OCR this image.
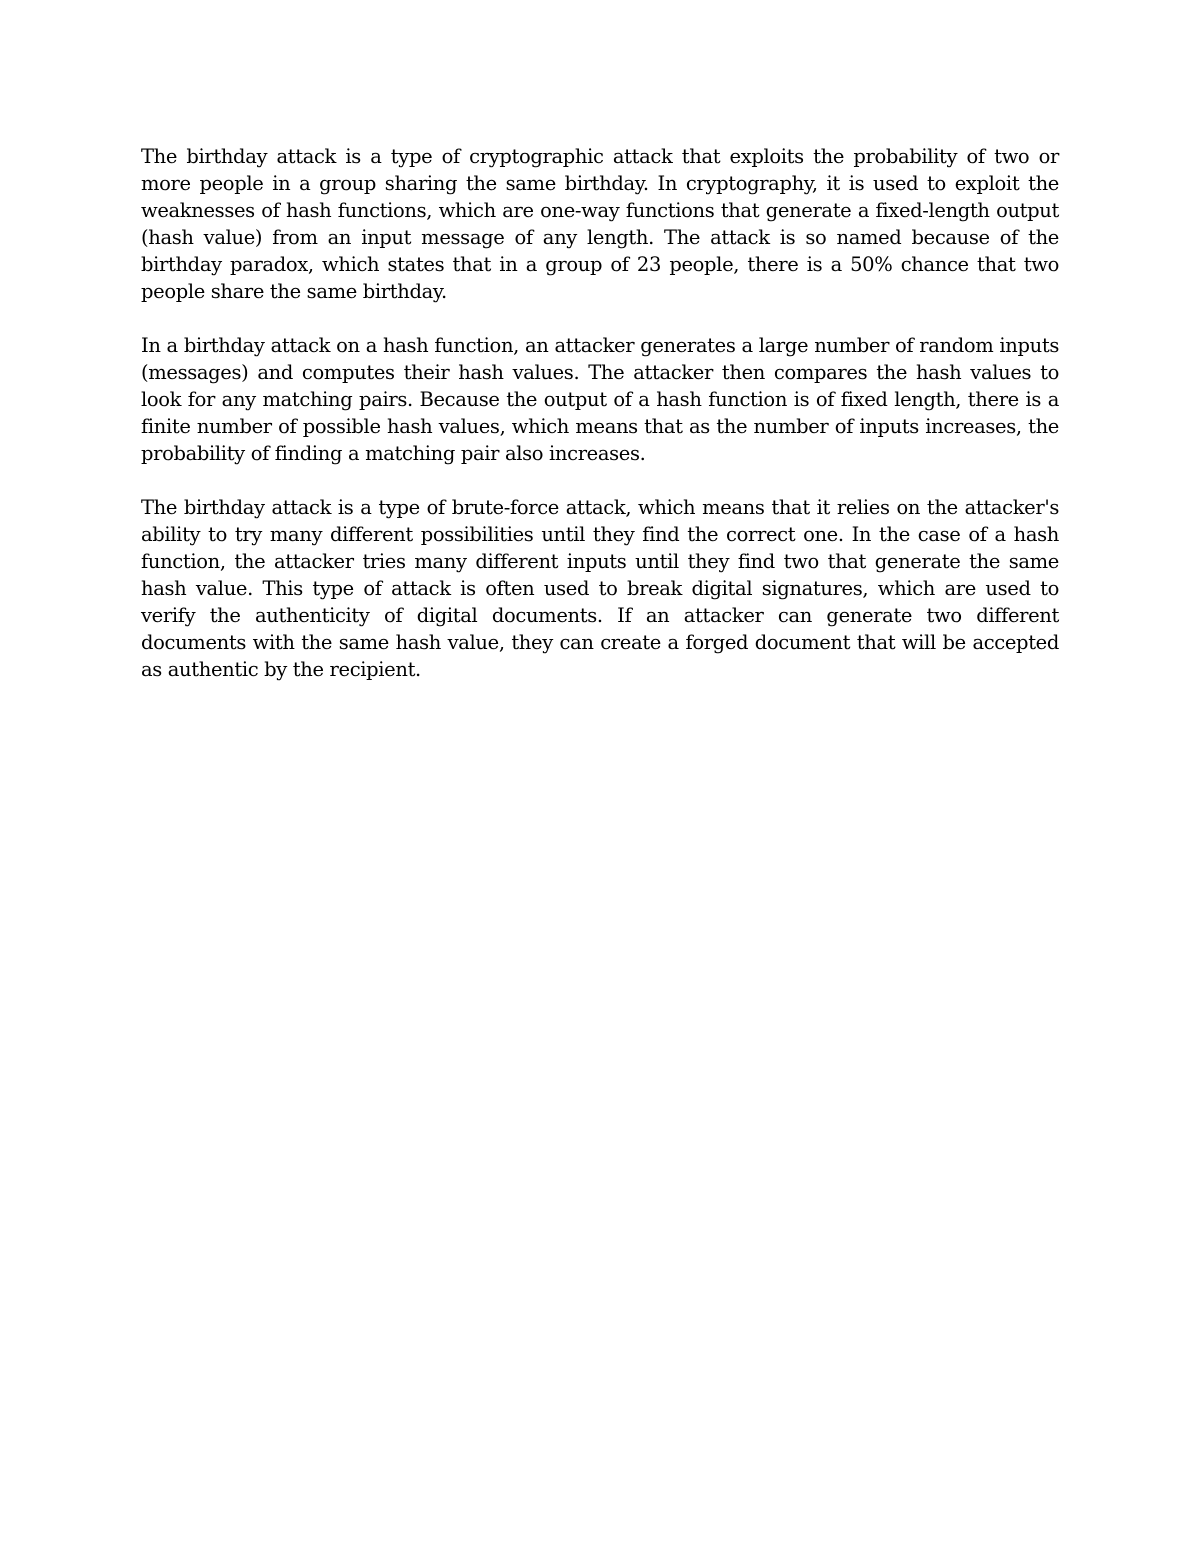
The birthday attack is a type of cryptographic attack that exploits the probability of two or more people in a group sharing the same birthday. In cryptography, it is used to exploit the weaknesses of hash functions, which are one-way functions that generate a fixed-length output (hash value) from an input message of any length. The attack is so named because of the birthday paradox, which states that in a group of 23 people, there is a 50% chance that two people share the same birthday.

In a birthday attack on a hash function, an attacker generates a large number of random inputs (messages) and computes their hash values. The attacker then compares the hash values to look for any matching pairs. Because the output of a hash function is of fixed length, there is a finite number of possible hash values, which means that as the number of inputs increases, the probability of finding a matching pair also increases.

The birthday attack is a type of brute-force attack, which means that it relies on the attacker's ability to try many different possibilities until they find the correct one. In the case of a hash function, the attacker tries many different inputs until they find two that generate the same hash value. This type of attack is often used to break digital signatures, which are used to verify the authenticity of digital documents. If an attacker can generate two different documents with the same hash value, they can create a forged document that will be accepted as authentic by the recipient.
